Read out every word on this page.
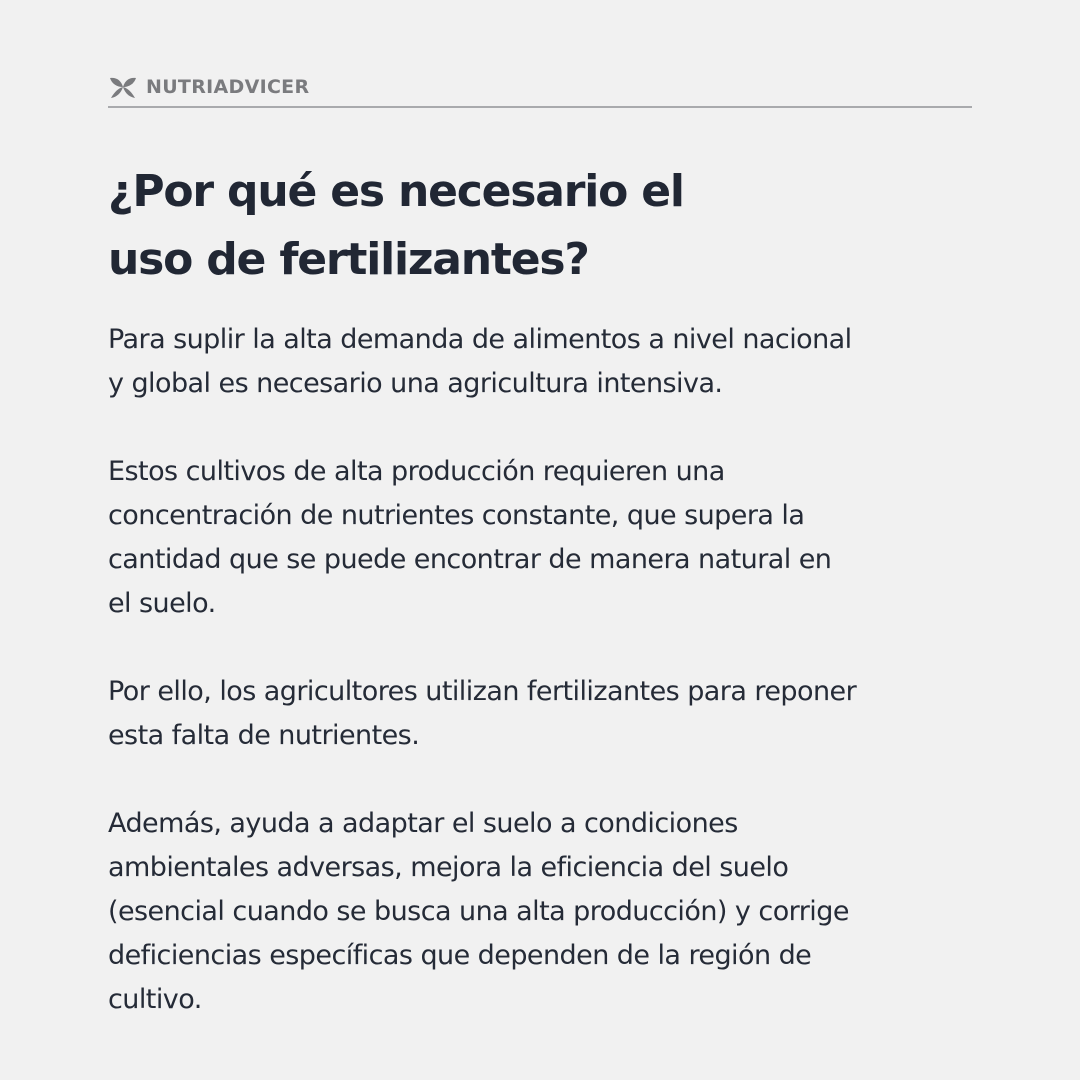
NUTRIADVICER
¿Por qué es necesario el
uso de fertilizantes?

Para suplir la alta demanda de alimentos a nivel nacional
y global es necesario una agricultura intensiva.

Estos cultivos de alta producción requieren una
concentración de nutrientes constante, que supera la
cantidad que se puede encontrar de manera natural en
el suelo.

Por ello, los agricultores utilizan fertilizantes para reponer
esta falta de nutrientes.

Además, ayuda a adaptar el suelo a condiciones
ambientales adversas, mejora la eficiencia del suelo
(esencial cuando se busca una alta producción) y corrige
deficiencias específicas que dependen de la región de
cultivo.
